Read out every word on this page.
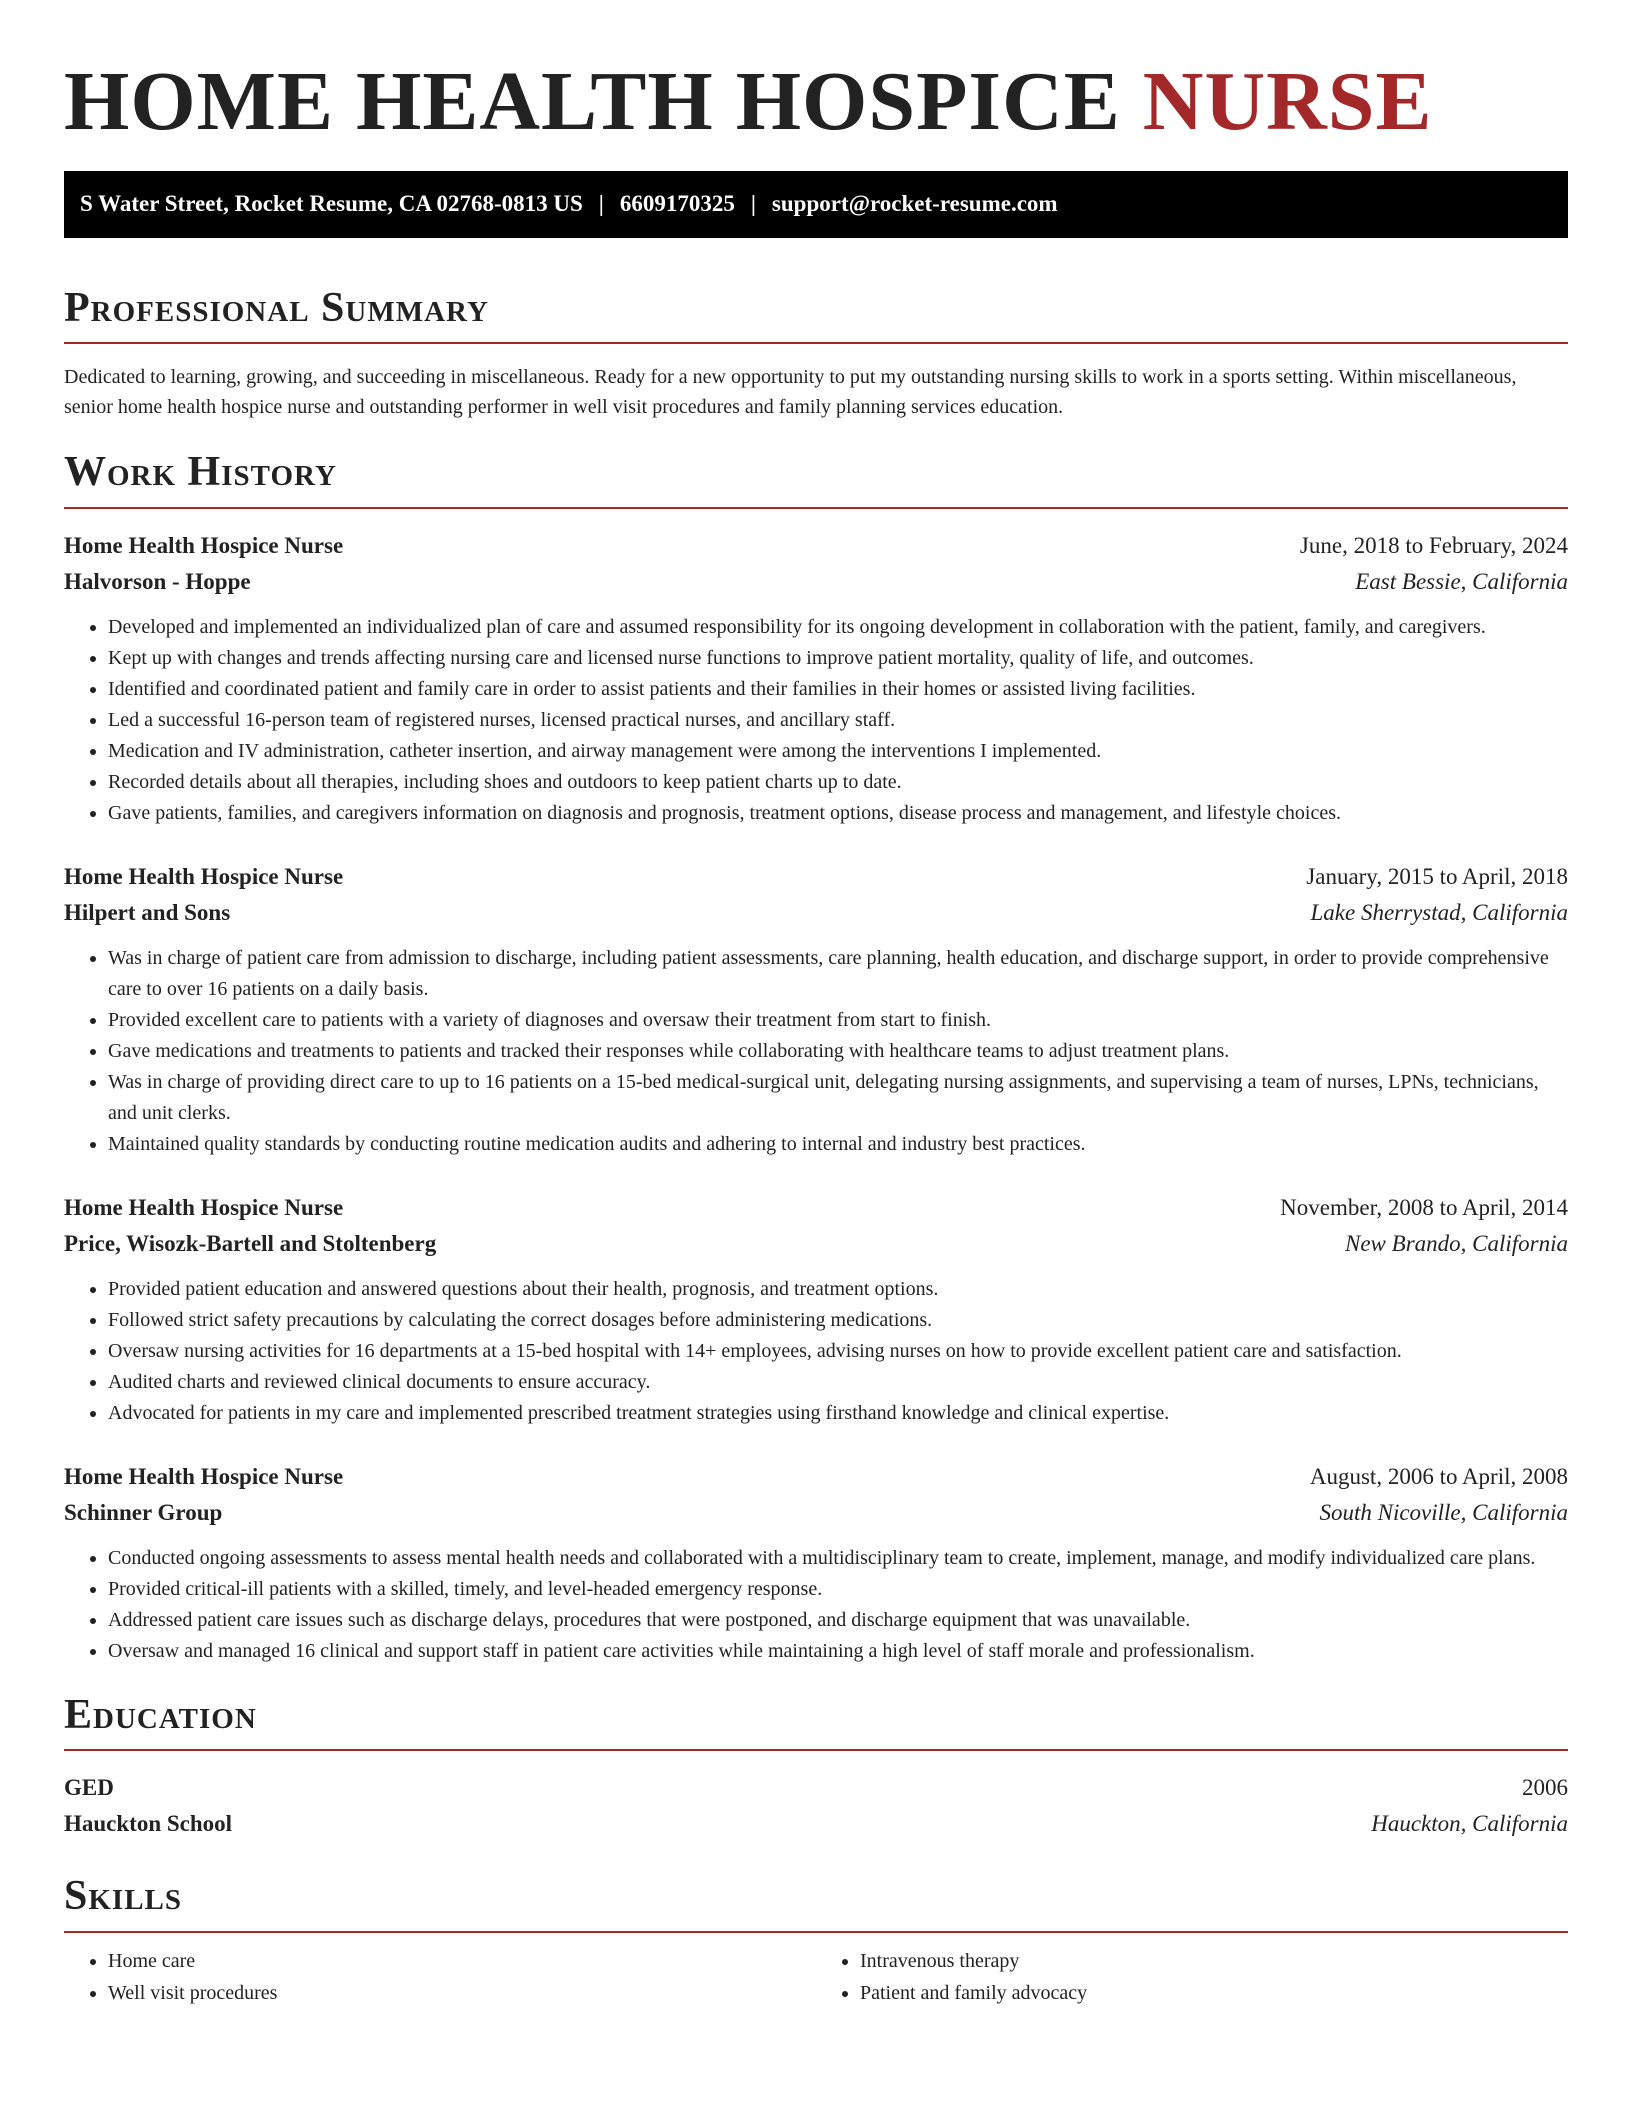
HOME HEALTH HOSPICE NURSE
S Water Street, Rocket Resume, CA 02768-0813 US | 6609170325 | support@rocket-resume.com
Professional Summary

Dedicated to learning, growing, and succeeding in miscellaneous. Ready for a new opportunity to put my outstanding nursing skills to work in a sports setting. Within miscellaneous, senior home health hospice nurse and outstanding performer in well visit procedures and family planning services education.

Work History
Home Health Hospice Nurse	June, 2018 to February, 2024
Halvorson - Hoppe	East Bessie, California
• Developed and implemented an individualized plan of care and assumed responsibility for its ongoing development in collaboration with the patient, family, and caregivers.
• Kept up with changes and trends affecting nursing care and licensed nurse functions to improve patient mortality, quality of life, and outcomes.
• Identified and coordinated patient and family care in order to assist patients and their families in their homes or assisted living facilities.
• Led a successful 16-person team of registered nurses, licensed practical nurses, and ancillary staff.
• Medication and IV administration, catheter insertion, and airway management were among the interventions I implemented.
• Recorded details about all therapies, including shoes and outdoors to keep patient charts up to date.
• Gave patients, families, and caregivers information on diagnosis and prognosis, treatment options, disease process and management, and lifestyle choices.
Home Health Hospice Nurse	January, 2015 to April, 2018
Hilpert and Sons	Lake Sherrystad, California
• Was in charge of patient care from admission to discharge, including patient assessments, care planning, health education, and discharge support, in order to provide comprehensive care to over 16 patients on a daily basis.
• Provided excellent care to patients with a variety of diagnoses and oversaw their treatment from start to finish.
• Gave medications and treatments to patients and tracked their responses while collaborating with healthcare teams to adjust treatment plans.
• Was in charge of providing direct care to up to 16 patients on a 15-bed medical-surgical unit, delegating nursing assignments, and supervising a team of nurses, LPNs, technicians, and unit clerks.
• Maintained quality standards by conducting routine medication audits and adhering to internal and industry best practices.
Home Health Hospice Nurse	November, 2008 to April, 2014
Price, Wisozk-Bartell and Stoltenberg	New Brando, California
• Provided patient education and answered questions about their health, prognosis, and treatment options.
• Followed strict safety precautions by calculating the correct dosages before administering medications.
• Oversaw nursing activities for 16 departments at a 15-bed hospital with 14+ employees, advising nurses on how to provide excellent patient care and satisfaction.
• Audited charts and reviewed clinical documents to ensure accuracy.
• Advocated for patients in my care and implemented prescribed treatment strategies using firsthand knowledge and clinical expertise.
Home Health Hospice Nurse	August, 2006 to April, 2008
Schinner Group	South Nicoville, California
• Conducted ongoing assessments to assess mental health needs and collaborated with a multidisciplinary team to create, implement, manage, and modify individualized care plans.
• Provided critical-ill patients with a skilled, timely, and level-headed emergency response.
• Addressed patient care issues such as discharge delays, procedures that were postponed, and discharge equipment that was unavailable.
• Oversaw and managed 16 clinical and support staff in patient care activities while maintaining a high level of staff morale and professionalism.
Education
GED	2006
Hauckton School	Hauckton, California
Skills
• Home care
• Well visit procedures
• Intravenous therapy
• Patient and family advocacy
